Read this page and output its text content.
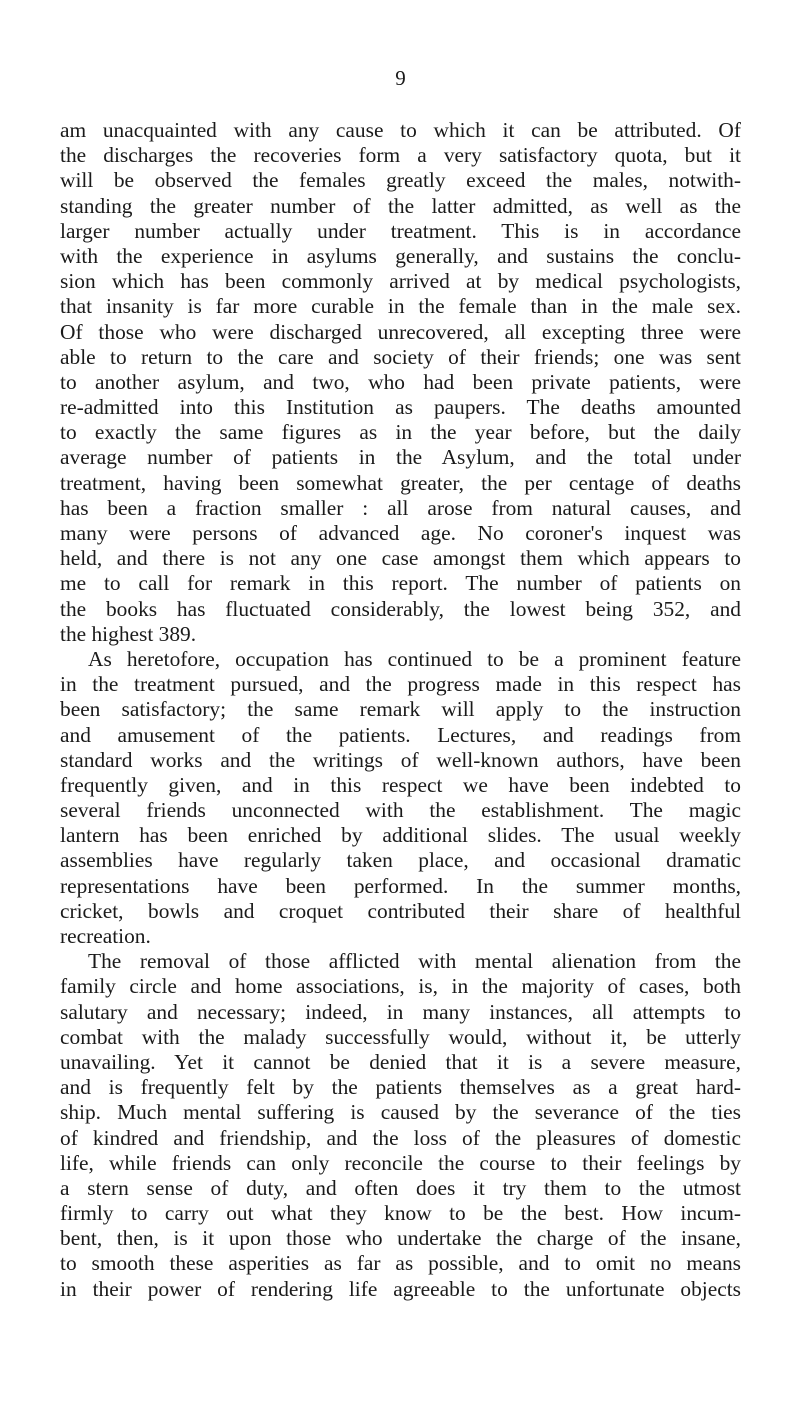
9
am unacquainted with any cause to which it can be attributed. Of
the discharges the recoveries form a very satisfactory quota, but it
will be observed the females greatly exceed the males, notwith-
standing the greater number of the latter admitted, as well as the
larger number actually under treatment. This is in accordance
with the experience in asylums generally, and sustains the conclu-
sion which has been commonly arrived at by medical psychologists,
that insanity is far more curable in the female than in the male sex.
Of those who were discharged unrecovered, all excepting three were
able to return to the care and society of their friends; one was sent
to another asylum, and two, who had been private patients, were
re-admitted into this Institution as paupers. The deaths amounted
to exactly the same figures as in the year before, but the daily
average number of patients in the Asylum, and the total under
treatment, having been somewhat greater, the per centage of deaths
has been a fraction smaller : all arose from natural causes, and
many were persons of advanced age. No coroner's inquest was
held, and there is not any one case amongst them which appears to
me to call for remark in this report. The number of patients on
the books has fluctuated considerably, the lowest being 352, and
the highest 389.
As heretofore, occupation has continued to be a prominent feature
in the treatment pursued, and the progress made in this respect has
been satisfactory; the same remark will apply to the instruction
and amusement of the patients. Lectures, and readings from
standard works and the writings of well-known authors, have been
frequently given, and in this respect we have been indebted to
several friends unconnected with the establishment. The magic
lantern has been enriched by additional slides. The usual weekly
assemblies have regularly taken place, and occasional dramatic
representations have been performed. In the summer months,
cricket, bowls and croquet contributed their share of healthful
recreation.
The removal of those afflicted with mental alienation from the
family circle and home associations, is, in the majority of cases, both
salutary and necessary; indeed, in many instances, all attempts to
combat with the malady successfully would, without it, be utterly
unavailing. Yet it cannot be denied that it is a severe measure,
and is frequently felt by the patients themselves as a great hard-
ship. Much mental suffering is caused by the severance of the ties
of kindred and friendship, and the loss of the pleasures of domestic
life, while friends can only reconcile the course to their feelings by
a stern sense of duty, and often does it try them to the utmost
firmly to carry out what they know to be the best. How incum-
bent, then, is it upon those who undertake the charge of the insane,
to smooth these asperities as far as possible, and to omit no means
in their power of rendering life agreeable to the unfortunate objects
